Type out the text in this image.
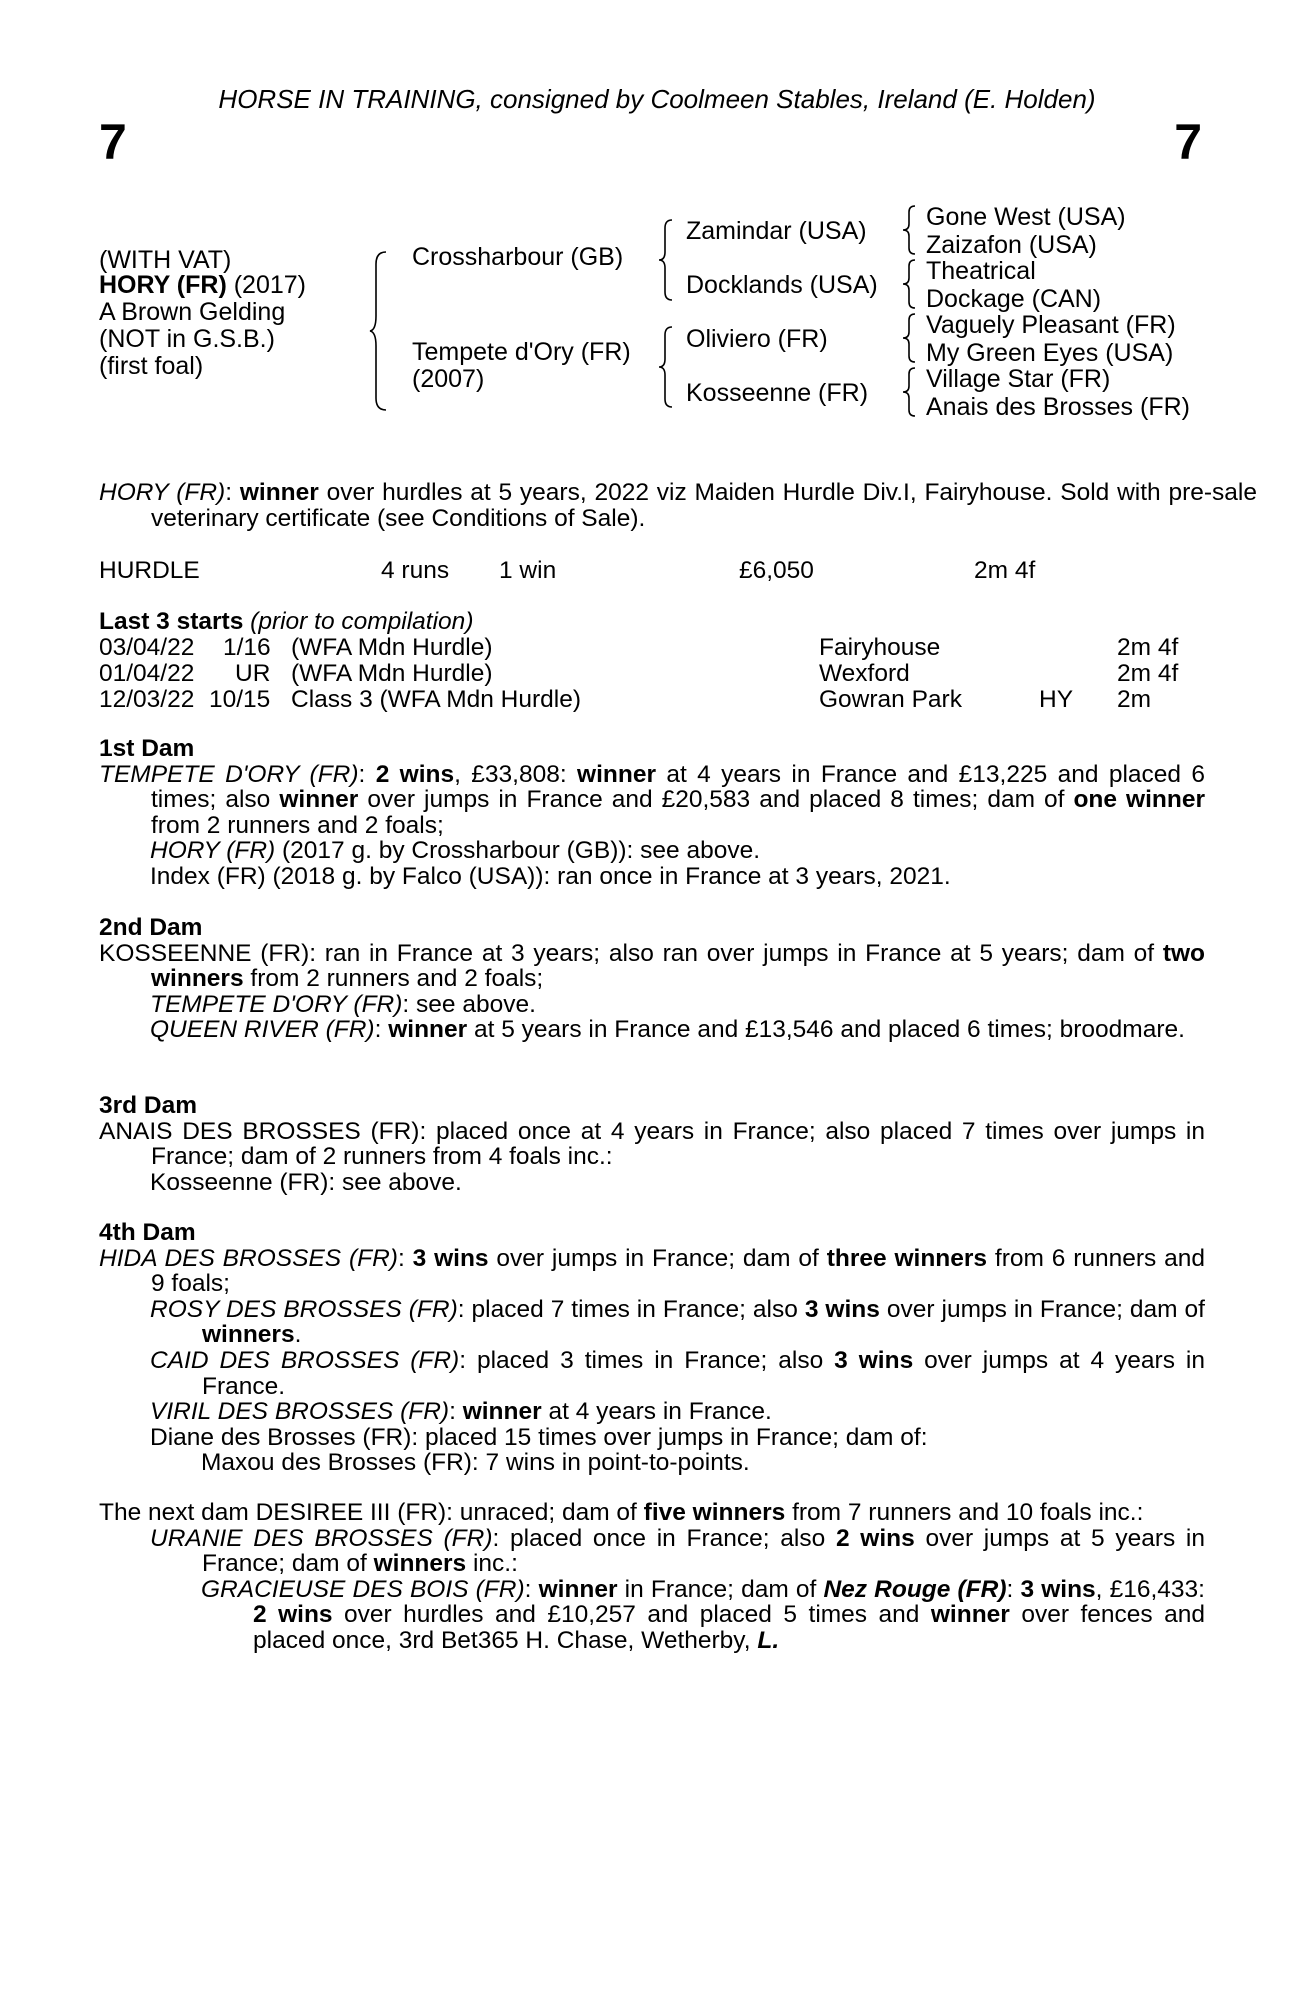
7	7
HORSE IN TRAINING, consigned by Coolmeen Stables, Ireland (E. Holden)
(WITH VAT)
HORY (FR) (2017)
A Brown Gelding
(NOT in G.S.B.)
(first foal)
Crossharbour (GB)
Tempete d'Ory (FR)
(2007)
Zamindar (USA)
Docklands (USA)
Oliviero (FR)
Kosseenne (FR)
Gone West (USA)
Zaizafon (USA)
Theatrical
Dockage (CAN)
Vaguely Pleasant (FR)
My Green Eyes (USA)
Village Star (FR)
Anais des Brosses (FR)
HORY (FR): winner over hurdles at 5 years, 2022 viz Maiden Hurdle Div.I, Fairyhouse. Sold with pre-sale veterinary certificate (see Conditions of Sale).
HURDLE	4 runs 1 win	£6,050	2m 4f
Last 3 starts (prior to compilation)
03/04/22 1/16 (WFA Mdn Hurdle)	Fairyhouse	2m 4f
01/04/22 UR (WFA Mdn Hurdle)	Wexford	2m 4f
12/03/22 10/15 Class 3 (WFA Mdn Hurdle)	Gowran Park	HY 2m
1st Dam
TEMPETE D'ORY (FR): 2 wins, £33,808: winner at 4 years in France and £13,225 and placed 6 times; also winner over jumps in France and £20,583 and placed 8 times; dam of one winner from 2 runners and 2 foals;
HORY (FR) (2017 g. by Crossharbour (GB)): see above.
Index (FR) (2018 g. by Falco (USA)): ran once in France at 3 years, 2021.
2nd Dam
KOSSEENNE (FR): ran in France at 3 years; also ran over jumps in France at 5 years; dam of two winners from 2 runners and 2 foals;
TEMPETE D'ORY (FR): see above.
QUEEN RIVER (FR): winner at 5 years in France and £13,546 and placed 6 times; broodmare.
3rd Dam
ANAIS DES BROSSES (FR): placed once at 4 years in France; also placed 7 times over jumps in France; dam of 2 runners from 4 foals inc.:
Kosseenne (FR): see above.
4th Dam
HIDA DES BROSSES (FR): 3 wins over jumps in France; dam of three winners from 6 runners and 9 foals;
ROSY DES BROSSES (FR): placed 7 times in France; also 3 wins over jumps in France; dam of winners.
CAID DES BROSSES (FR): placed 3 times in France; also 3 wins over jumps at 4 years in France.
VIRIL DES BROSSES (FR): winner at 4 years in France.
Diane des Brosses (FR): placed 15 times over jumps in France; dam of:
Maxou des Brosses (FR): 7 wins in point-to-points.
The next dam DESIREE III (FR): unraced; dam of five winners from 7 runners and 10 foals inc.:
URANIE DES BROSSES (FR): placed once in France; also 2 wins over jumps at 5 years in France; dam of winners inc.:
GRACIEUSE DES BOIS (FR): winner in France; dam of Nez Rouge (FR): 3 wins, £16,433: 2 wins over hurdles and £10,257 and placed 5 times and winner over fences and placed once, 3rd Bet365 H. Chase, Wetherby, L.
